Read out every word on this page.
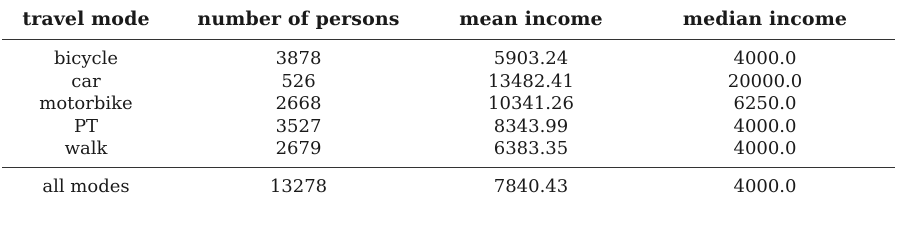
travel mode	number of persons	mean income	median income

bicycle	3878	5903.24	4000.0
car	526	13482.41	20000.0
motorbike	2668	10341.26	6250.0
PT	3527	8343.99	4000.0
walk	2679	6383.35	4000.0

all modes	13278	7840.43	4000.0
